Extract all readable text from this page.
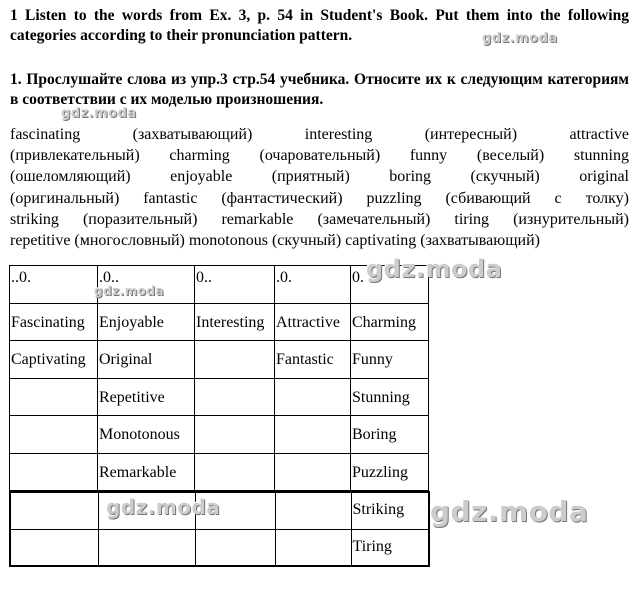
1 Listen to the words from Ex. 3, p. 54 in Student's Book. Put them into the following categories according to their pronunciation pattern.
1. Прослушайте слова из упр.3 стр.54 учебника. Относите их к следующим категориям в соответствии с их моделью произношения.

fascinating (захватывающий) interesting (интересный) attractive

(привлекательный) charming (очаровательный) funny (веселый) stunning

(ошеломляющий) enjoyable (приятный) boring (скучный) original

(оригинальный) fantastic (фантастический) puzzling (сбивающий с толку)

striking (поразительный) remarkable (замечательный) tiring (изнурительный)

repetitive (многословный) monotonous (скучный) captivating (захватывающий)

..0.	.0..	0..	.0.	0.
Fascinating	Enjoyable	Interesting	Attractive	Charming
Captivating	Original		Fantastic	Funny
	Repetitive			Stunning
	Monotonous			Boring
	Remarkable			Puzzling
				Striking
				Tiring
gdz.moda
gdz.moda
gdz.moda
gdz.moda
gdz.moda	gdz.moda
